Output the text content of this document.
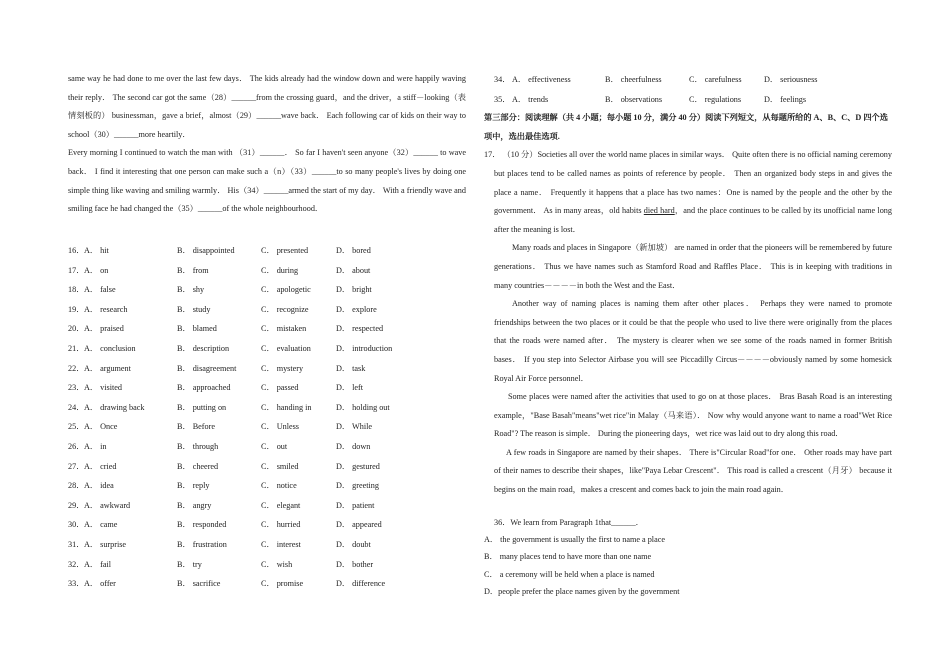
same way he had done to me over the last few days． The kids already had the window down and were happily waving their reply． The second car got the same（28）______from the crossing guard，and the driver，a stiff－looking（表情刻板的） businessman，gave a brief，almost（29）______wave back． Each following car of kids on their way to school（30）______more heartily．

Every morning I continued to watch the man with （31）______． So far I haven't seen anyone（32）______ to wave back． I find it interesting that one person can make such a（n）（33）______to so many people's lives by doing one simple thing like waving and smiling warmly． His（34）______armed the start of my day． With a friendly wave and smiling face he had changed the（35）______of the whole neighbourhood．

16． A． hit	B． disappointed	C． presented	D． bored
17． A． on	B． from	C． during	D． about
18． A． false	B． shy	C． apologetic	D． bright
19． A． research	B． study	C． recognize	D． explore
20． A． praised	B． blamed	C． mistaken	D． respected
21． A． conclusion	B． description	C． evaluation	D． introduction
22． A． argument	B． disagreement	C． mystery	D． task
23． A． visited	B． approached	C． passed	D． left
24． A． drawing back	B． putting on	C． handing in	D． holding out
25． A． Once	B． Before	C． Unless	D． While
26． A． in	B． through	C． out	D． down
27． A． cried	B． cheered	C． smiled	D． gestured
28． A． idea	B． reply	C． notice	D． greeting
29． A． awkward	B． angry	C． elegant	D． patient
30． A． came	B． responded	C． hurried	D． appeared
31． A． surprise	B． frustration	C． interest	D． doubt
32． A． fail	B． try	C． wish	D． bother
33． A． offer	B． sacrifice	C． promise	D． difference
34． A． effectiveness	B． cheerfulness	C． carefulness	D． seriousness
35． A． trends	B． observations	C． regulations	D． feelings

第三部分：阅读理解（共 4 小题；每小题 10 分，满分 40 分）阅读下列短文，从每题所给的 A、B、C、D 四个选项中，选出最佳选项.

17． （10 分）Societies all over the world name places in similar ways． Quite often there is no official naming ceremony but places tend to be called names as points of reference by people． Then an organized body steps in and gives the place a name． Frequently it happens that a place has two names：One is named by the people and the other by the government． As in many areas，old habits died hard，and the place continues to be called by its unofficial name long after the meaning is lost．

Many roads and places in Singapore（新加坡） are named in order that the pioneers will be remembered by future generations． Thus we have names such as Stamford Road and Raffles Place． This is in keeping with traditions in many countries－－－－in both the West and the East．

Another way of naming places is naming them after other places． Perhaps they were named to promote friendships between the two places or it could be that the people who used to live there were originally from the places that the roads were named after． The mystery is clearer when we see some of the roads named in former British bases． If you step into Selector Airbase you will see Piccadilly Circus－－－－obviously named by some homesick Royal Air Force personnel．

Some places were named after the activities that used to go on at those places． Bras Basah Road is an interesting example，"Base Basah"means"wet rice"in Malay（马来语）． Now why would anyone want to name a road"Wet Rice Road"? The reason is simple． During the pioneering days，wet rice was laid out to dry along this road．

A few roads in Singapore are named by their shapes． There is"Circular Road"for one． Other roads may have part of their names to describe their shapes，like"Paya Lebar Crescent"． This road is called a crescent（月牙） because it begins on the main road，makes a crescent and comes back to join the main road again．

36．We learn from Paragraph 1that______．

A． the government is usually the first to name a place

B． many places tend to have more than one name

C． a ceremony will be held when a place is named

D．people prefer the place names given by the government
